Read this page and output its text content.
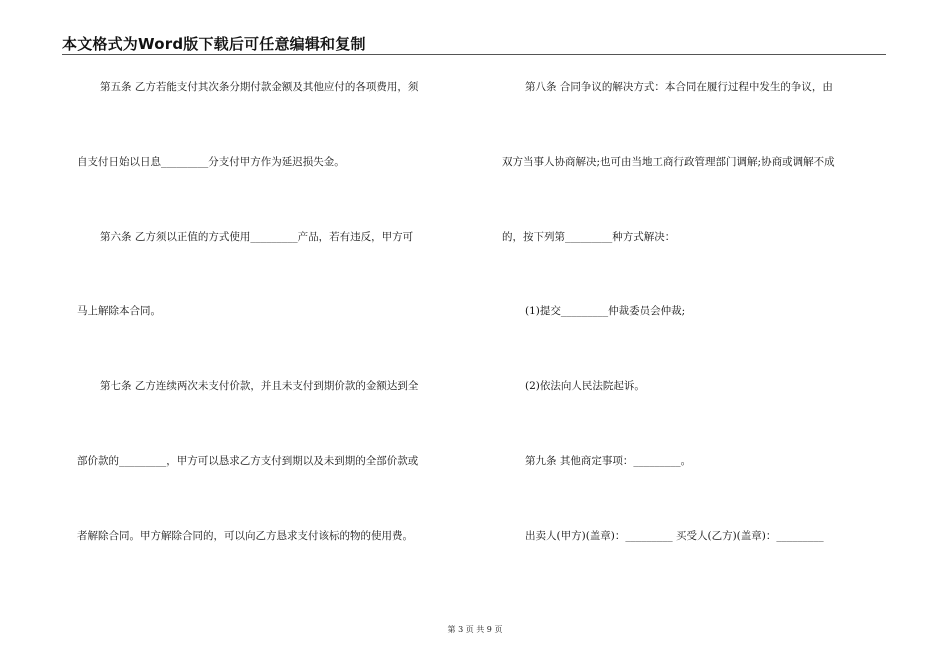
本文格式为Word版下载后可任意编辑和复制
第五条 乙方若能支付其次条分期付款金额及其他应付的各项费用，须
自支付日始以日息_________分支付甲方作为延迟损失金。
第六条 乙方须以正值的方式使用_________产品，若有违反，甲方可
马上解除本合同。
第七条 乙方连续两次未支付价款，并且未支付到期价款的金额达到全
部价款的_________，甲方可以恳求乙方支付到期以及未到期的全部价款或
者解除合同。甲方解除合同的，可以向乙方恳求支付该标的物的使用费。
第八条 合同争议的解决方式：本合同在履行过程中发生的争议，由
双方当事人协商解决;也可由当地工商行政管理部门调解;协商或调解不成
的，按下列第_________种方式解决：
(1)提交_________仲裁委员会仲裁;
(2)依法向人民法院起诉。
第九条 其他商定事项：_________。
出卖人(甲方)(盖章)：_________ 买受人(乙方)(盖章)：_________
第 3 页 共 9 页
